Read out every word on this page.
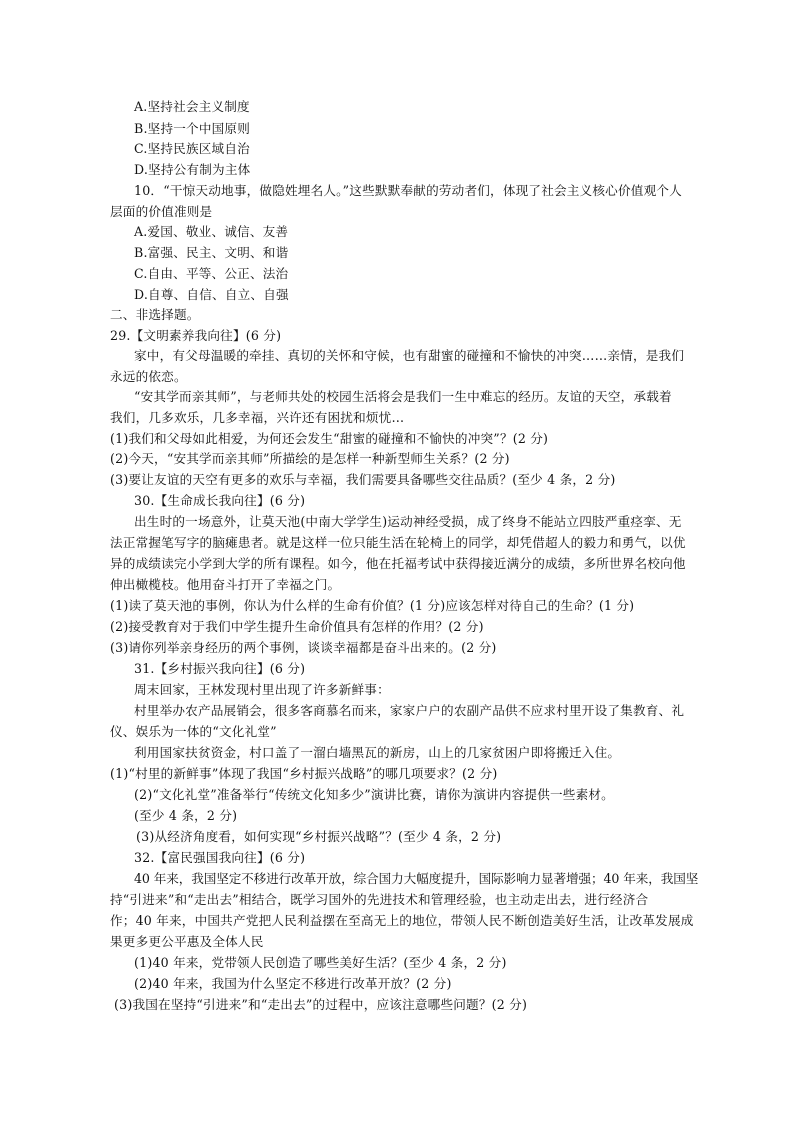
A.坚持社会主义制度
B.坚持一个中国原则
C.坚持民族区域自治
D.坚持公有制为主体
10．“干惊天动地事，做隐姓埋名人。”这些默默奉献的劳动者们，体现了社会主义核心价值观个人
层面的价值准则是
A.爱国、敬业、诚信、友善
B.富强、民主、文明、和谐
C.自由、平等、公正、法治
D.自尊、自信、自立、自强
二、非选择题。
29.【文明素养我向往】(6 分)
家中，有父母温暖的牵挂、真切的关怀和守候，也有甜蜜的碰撞和不愉快的冲突……亲情，是我们
永远的依恋。
“安其学而亲其师”，与老师共处的校园生活将会是我们一生中难忘的经历。友谊的天空，承载着
我们，几多欢乐，几多幸福，兴许还有困扰和烦忧…
(1)我们和父母如此相爱，为何还会发生“甜蜜的碰撞和不愉快的冲突”？(2 分)
(2)今天，“安其学而亲其师”所描绘的是怎样一种新型师生关系？(2 分)
(3)要让友谊的天空有更多的欢乐与幸福，我们需要具备哪些交往品质？(至少 4 条，2 分)
30.【生命成长我向往】(6 分)
出生时的一场意外，让莫天池(中南大学学生)运动神经受损，成了终身不能站立四肢严重痉挛、无
法正常握笔写字的脑瘫患者。就是这样一位只能生活在轮椅上的同学，却凭借超人的毅力和勇气，以优
异的成绩读完小学到大学的所有课程。如今，他在托福考试中获得接近满分的成绩，多所世界名校向他
伸出橄榄枝。他用奋斗打开了幸福之门。
(1)读了莫天池的事例，你认为什么样的生命有价值？(1 分)应该怎样对待自己的生命？(1 分)
(2)接受教育对于我们中学生提升生命价值具有怎样的作用？(2 分)
(3)请你列举亲身经历的两个事例，谈谈幸福都是奋斗出来的。(2 分)
31.【乡村振兴我向往】(6 分)
周末回家，王林发现村里出现了许多新鲜事：
村里举办农产品展销会，很多客商慕名而来，家家户户的农副产品供不应求村里开设了集教育、礼
仪、娱乐为一体的“文化礼堂”
利用国家扶贫资金，村口盖了一溜白墙黑瓦的新房，山上的几家贫困户即将搬迁入住。
(1)“村里的新鲜事”体现了我国“乡村振兴战略”的哪几项要求？(2 分)
(2)“文化礼堂”准备举行“传统文化知多少”演讲比赛，请你为演讲内容提供一些素材。
(至少 4 条，2 分)
(3)从经济角度看，如何实现“乡村振兴战略”？(至少 4 条，2 分)
32.【富民强国我向往】(6 分)
40 年来，我国坚定不移进行改革开放，综合国力大幅度提升，国际影响力显著增强；40 年来，我国坚
持“引进来”和“走出去”相结合，既学习国外的先进技术和管理经验，也主动走出去，进行经济合
作；40 年来，中国共产党把人民利益摆在至高无上的地位，带领人民不断创造美好生活，让改革发展成
果更多更公平惠及全体人民
(1)40 年来，党带领人民创造了哪些美好生活？(至少 4 条，2 分)
(2)40 年来，我国为什么坚定不移进行改革开放？(2 分)
(3)我国在坚持“引进来”和“走出去”的过程中，应该注意哪些问题？(2 分)
